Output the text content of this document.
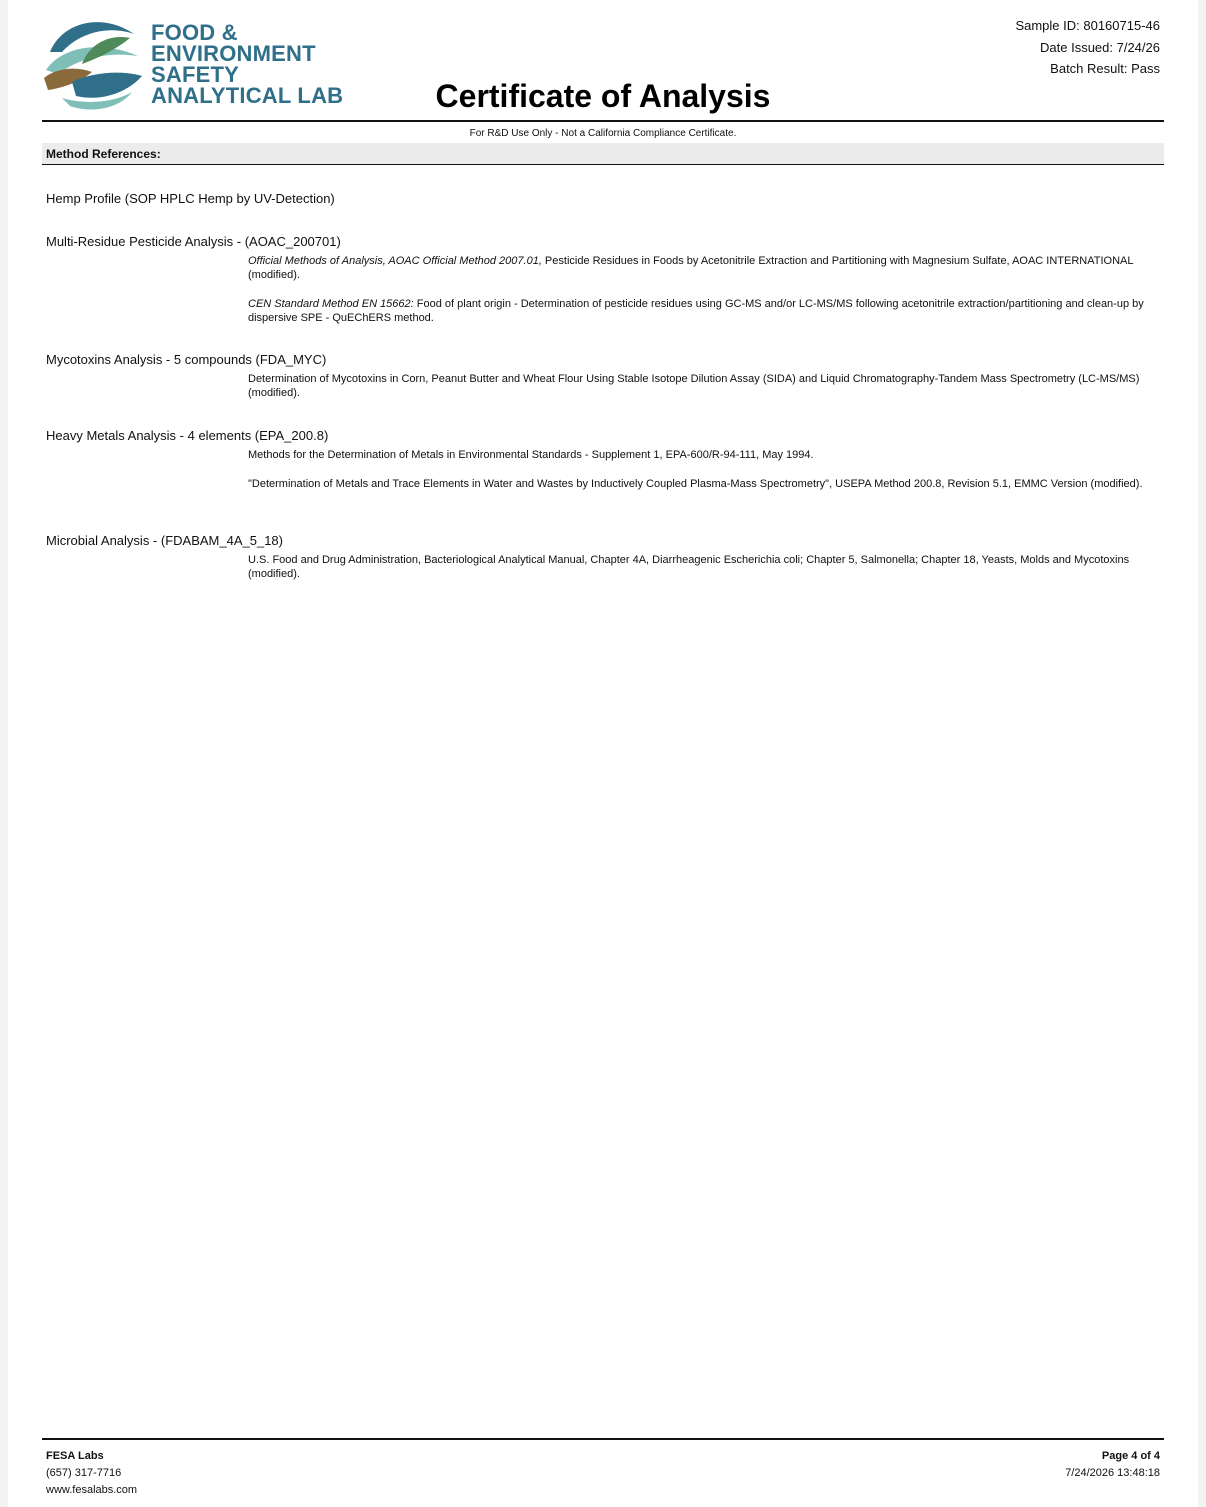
FOOD &
ENVIRONMENT
SAFETY
ANALYTICAL LAB	Certificate of Analysis
Sample ID: 80160715-46
Date Issued: 7/24/26
Batch Result: Pass
For R&D Use Only - Not a California Compliance Certificate.
Method References:
Hemp Profile (SOP HPLC Hemp by UV-Detection)
Multi-Residue Pesticide Analysis - (AOAC_200701)
Official Methods of Analysis, AOAC Official Method 2007.01, Pesticide Residues in Foods by Acetonitrile Extraction and Partitioning with Magnesium Sulfate, AOAC INTERNATIONAL (modified).
CEN Standard Method EN 15662: Food of plant origin - Determination of pesticide residues using GC-MS and/or LC-MS/MS following acetonitrile extraction/partitioning and clean-up by dispersive SPE - QuEChERS method.
Mycotoxins Analysis - 5 compounds (FDA_MYC)
Determination of Mycotoxins in Corn, Peanut Butter and Wheat Flour Using Stable Isotope Dilution Assay (SIDA) and Liquid Chromatography-Tandem Mass Spectrometry (LC-MS/MS) (modified).
Heavy Metals Analysis - 4 elements (EPA_200.8)
Methods for the Determination of Metals in Environmental Standards - Supplement 1, EPA-600/R-94-111, May 1994.
"Determination of Metals and Trace Elements in Water and Wastes by Inductively Coupled Plasma-Mass Spectrometry", USEPA Method 200.8, Revision 5.1, EMMC Version (modified).
Microbial Analysis - (FDABAM_4A_5_18)
U.S. Food and Drug Administration, Bacteriological Analytical Manual, Chapter 4A, Diarrheagenic Escherichia coli; Chapter 5, Salmonella; Chapter 18, Yeasts, Molds and Mycotoxins (modified).
FESA Labs
(657) 317-7716
www.fesalabs.com
Page 4 of 4
7/24/2026 13:48:18
